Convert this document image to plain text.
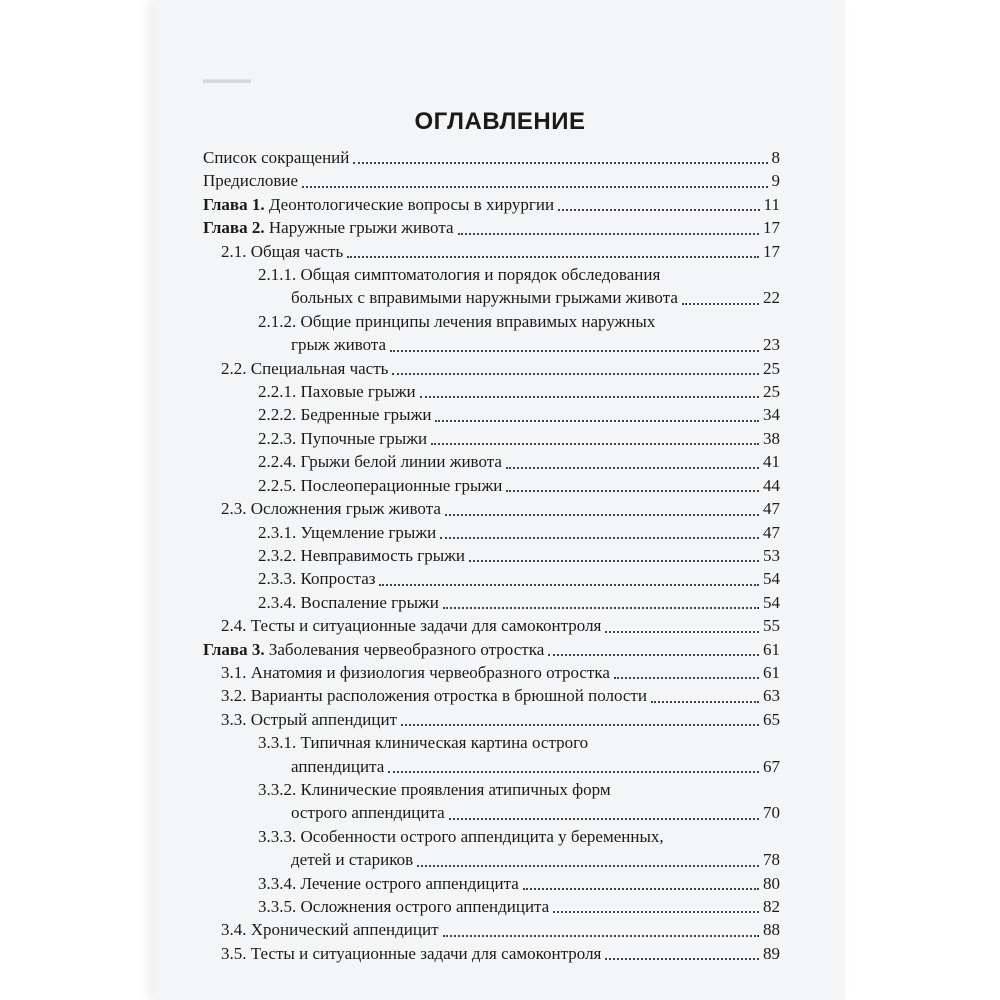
▬▬▬▬
ОГЛАВЛЕНИЕ
Список сокращений	8
Предисловие	9
Глава 1. Деонтологические вопросы в хирургии	11
Глава 2. Наружные грыжи живота	17
2.1. Общая часть	17
2.1.1. Общая симптоматология и порядок обследования
больных с вправимыми наружными грыжами живота	22
2.1.2. Общие принципы лечения вправимых наружных
грыж живота	23
2.2. Специальная часть	25
2.2.1. Паховые грыжи	25
2.2.2. Бедренные грыжи	34
2.2.3. Пупочные грыжи	38
2.2.4. Грыжи белой линии живота	41
2.2.5. Послеоперационные грыжи	44
2.3. Осложнения грыж живота	47
2.3.1. Ущемление грыжи	47
2.3.2. Невправимость грыжи	53
2.3.3. Копростаз	54
2.3.4. Воспаление грыжи	54
2.4. Тесты и ситуационные задачи для самоконтроля	55
Глава 3. Заболевания червеобразного отростка	61
3.1. Анатомия и физиология червеобразного отростка	61
3.2. Варианты расположения отростка в брюшной полости	63
3.3. Острый аппендицит	65
3.3.1. Типичная клиническая картина острого
аппендицита	67
3.3.2. Клинические проявления атипичных форм
острого аппендицита	70
3.3.3. Особенности острого аппендицита у беременных,
детей и стариков	78
3.3.4. Лечение острого аппендицита	80
3.3.5. Осложнения острого аппендицита	82
3.4. Хронический аппендицит	88
3.5. Тесты и ситуационные задачи для самоконтроля	89
